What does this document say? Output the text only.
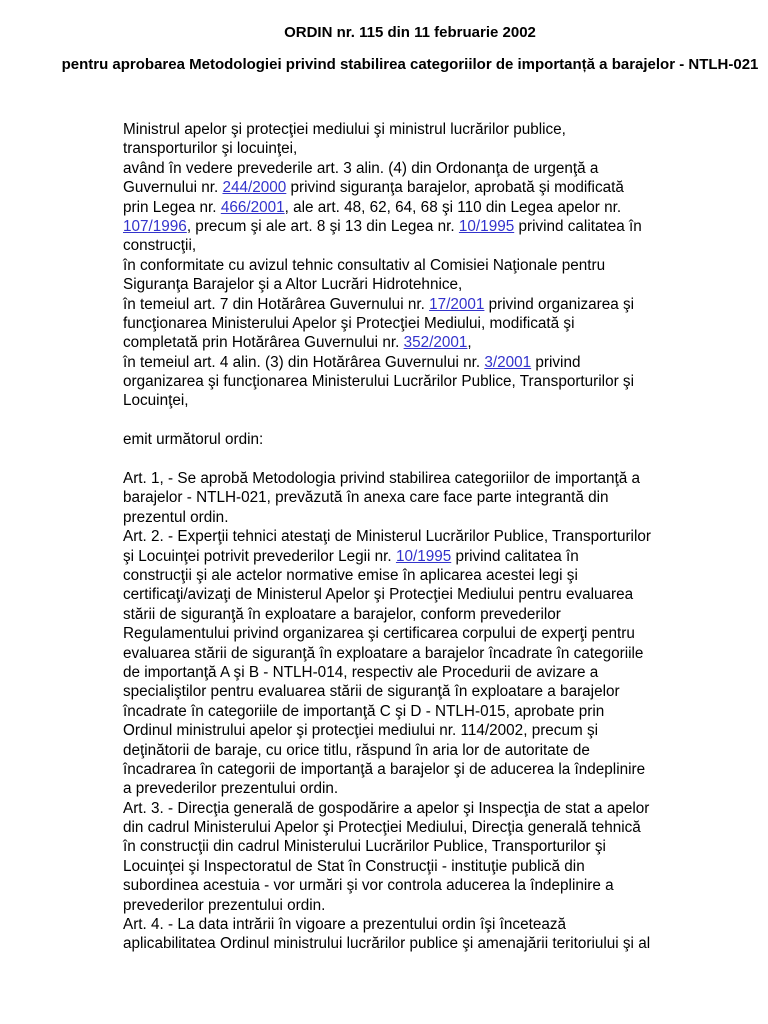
ORDIN nr. 115 din 11 februarie 2002
pentru aprobarea Metodologiei privind stabilirea categoriilor de importanță a barajelor - NTLH-021
Ministrul apelor şi protecţiei mediului şi ministrul lucrărilor publice,
transporturilor şi locuinţei,
având în vedere prevederile art. 3 alin. (4) din Ordonanţa de urgenţă a
Guvernului nr. 244/2000 privind siguranţa barajelor, aprobată şi modificată
prin Legea nr. 466/2001, ale art. 48, 62, 64, 68 şi 110 din Legea apelor nr.
107/1996, precum şi ale art. 8 şi 13 din Legea nr. 10/1995 privind calitatea în
construcţii,
în conformitate cu avizul tehnic consultativ al Comisiei Naţionale pentru
Siguranţa Barajelor şi a Altor Lucrări Hidrotehnice,
în temeiul art. 7 din Hotărârea Guvernului nr. 17/2001 privind organizarea şi
funcţionarea Ministerului Apelor şi Protecţiei Mediului, modificată şi
completată prin Hotărârea Guvernului nr. 352/2001,
în temeiul art. 4 alin. (3) din Hotărârea Guvernului nr. 3/2001 privind
organizarea şi funcţionarea Ministerului Lucrărilor Publice, Transporturilor şi
Locuinţei,
emit următorul ordin:
Art. 1, - Se aprobă Metodologia privind stabilirea categoriilor de importanţă a
barajelor - NTLH-021, prevăzută în anexa care face parte integrantă din
prezentul ordin.
Art. 2. - Experţii tehnici atestaţi de Ministerul Lucrărilor Publice, Transporturilor
şi Locuinţei potrivit prevederilor Legii nr. 10/1995 privind calitatea în
construcţii şi ale actelor normative emise în aplicarea acestei legi şi
certificaţi/avizaţi de Ministerul Apelor şi Protecţiei Mediului pentru evaluarea
stării de siguranţă în exploatare a barajelor, conform prevederilor
Regulamentului privind organizarea şi certificarea corpului de experţi pentru
evaluarea stării de siguranţă în exploatare a barajelor încadrate în categoriile
de importanţă A şi B - NTLH-014, respectiv ale Procedurii de avizare a
specialiştilor pentru evaluarea stării de siguranţă în exploatare a barajelor
încadrate în categoriile de importanţă C şi D - NTLH-015, aprobate prin
Ordinul ministrului apelor şi protecţiei mediului nr. 114/2002, precum şi
deţinătorii de baraje, cu orice titlu, răspund în aria lor de autoritate de
încadrarea în categorii de importanţă a barajelor şi de aducerea la îndeplinire
a prevederilor prezentului ordin.
Art. 3. - Direcţia generală de gospodărire a apelor şi Inspecţia de stat a apelor
din cadrul Ministerului Apelor şi Protecţiei Mediului, Direcţia generală tehnică
în construcţii din cadrul Ministerului Lucrărilor Publice, Transporturilor şi
Locuinţei şi Inspectoratul de Stat în Construcţii - instituţie publică din
subordinea acestuia - vor urmări şi vor controla aducerea la îndeplinire a
prevederilor prezentului ordin.
Art. 4. - La data intrării în vigoare a prezentului ordin îşi încetează
aplicabilitatea Ordinul ministrului lucrărilor publice şi amenajării teritoriului şi al
